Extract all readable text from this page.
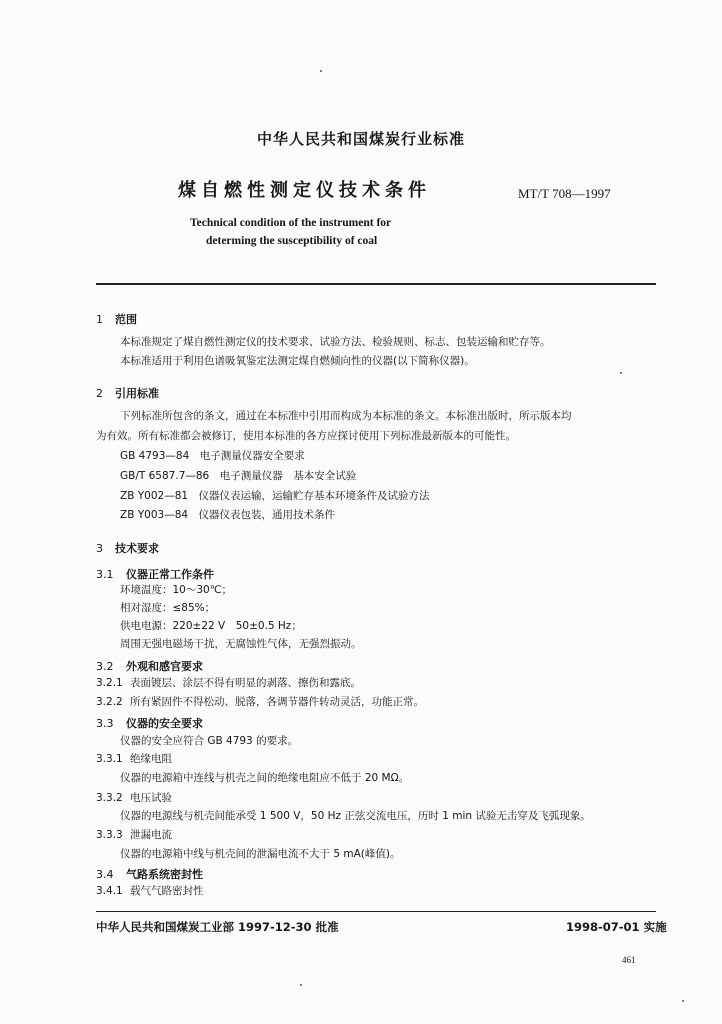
中华人民共和国煤炭行业标准
煤自燃性测定仪技术条件	MT/T 708—1997
Technical condition of the instrument for
determing the susceptibility of coal
1 范围
本标准规定了煤自燃性测定仪的技术要求、试验方法、检验规则、标志、包装运输和贮存等。
本标准适用于利用色谱吸氧鉴定法测定煤自燃倾向性的仪器(以下简称仪器)。
2 引用标准
下列标准所包含的条文，通过在本标准中引用而构成为本标准的条文。本标准出版时，所示版本均
为有效。所有标准都会被修订，使用本标准的各方应探讨使用下列标准最新版本的可能性。
GB 4793—84　电子测量仪器安全要求
GB/T 6587.7—86　电子测量仪器　基本安全试验
ZB Y002—81　仪器仪表运输，运输贮存基本环境条件及试验方法
ZB Y003—84　仪器仪表包装，通用技术条件
3 技术要求
3.1 仪器正常工作条件
环境温度：10～30℃；
相对湿度：≤85%；
供电电源：220±22 V　50±0.5 Hz；
周围无强电磁场干扰，无腐蚀性气体，无强烈振动。
3.2 外观和感官要求
3.2.1 表面镀层、涂层不得有明显的剥落、擦伤和露底。
3.2.2 所有紧固件不得松动、脱落，各调节器件转动灵活，功能正常。
3.3 仪器的安全要求
仪器的安全应符合 GB 4793 的要求。
3.3.1 绝缘电阻
仪器的电源箱中连线与机壳之间的绝缘电阻应不低于 20 MΩ。
3.3.2 电压试验
仪器的电源线与机壳间能承受 1 500 V，50 Hz 正弦交流电压，历时 1 min 试验无击穿及飞弧现象。
3.3.3 泄漏电流
仪器的电源箱中线与机壳间的泄漏电流不大于 5 mA(峰值)。
3.4 气路系统密封性
3.4.1 载气气路密封性
中华人民共和国煤炭工业部 1997-12-30 批准	1998-07-01 实施
461
